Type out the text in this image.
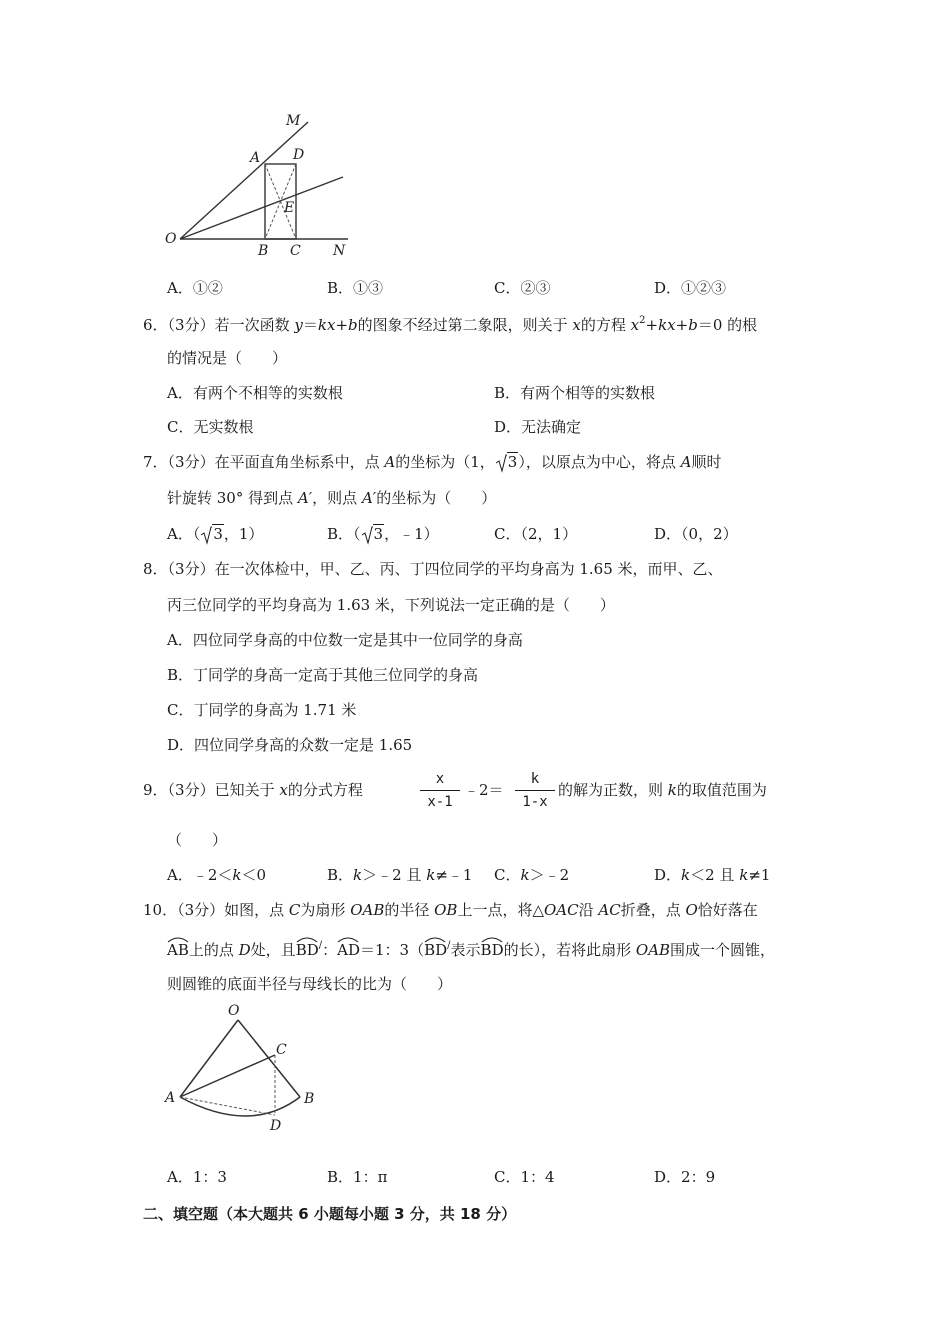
M
A D
E
O
B C N
A．①②	B．①③	C．②③	D．①②③
6．（3分）若一次函数 y＝kx+b的图象不经过第二象限，则关于 x的方程 $x^2+kx+b=0$ 的根
的情况是（　　）
A．有两个不相等的实数根	B．有两个相等的实数根
C．无实数根	D．无法确定
7．（3分）在平面直角坐标系中，点 A的坐标为（1， 3），以原点为中心，将点 A顺时
针旋转 30° 得到点 A′，则点 A′的坐标为（　　）
A．（ 3，1）	B．（ 3，﹣1）	C．（2，1）	D．（0，2）
8．（3分）在一次体检中，甲、乙、丙、丁四位同学的平均身高为 1.65 米，而甲、乙、
丙三位同学的平均身高为 1.63 米，下列说法一定正确的是（　　）
A．四位同学身高的中位数一定是其中一位同学的身高
B．丁同学的身高一定高于其他三位同学的身高
C．丁同学的身高为 1.71 米
D．四位同学身高的众数一定是 1.65
9．（3分）已知关于 x的分式方程
x
x-1
﹣2＝
k
1-x
的解为正数，则 k的取值范围为
（　　）
A．﹣2＜k＜0	B．k＞﹣2 且 k≠﹣1 C．k＞﹣2	D．k＜2 且 k≠1
10．（3分）如图，点 C为扇形 OAB的半径 OB上一点，将△OAC沿 AC折叠，点 O恰好落在
AB上的点 D处，且
BD/：
AD＝1：3（
BD/表示
BD的长），若将此扇形 OAB围成一个圆锥，
则圆锥的底面半径与母线长的比为（　　）
O
C
A	B
D
A．1：3	B．1：π	C．1：4	D．2：9
二、填空题（本大题共 6 小题每小题 3 分，共 18 分）
